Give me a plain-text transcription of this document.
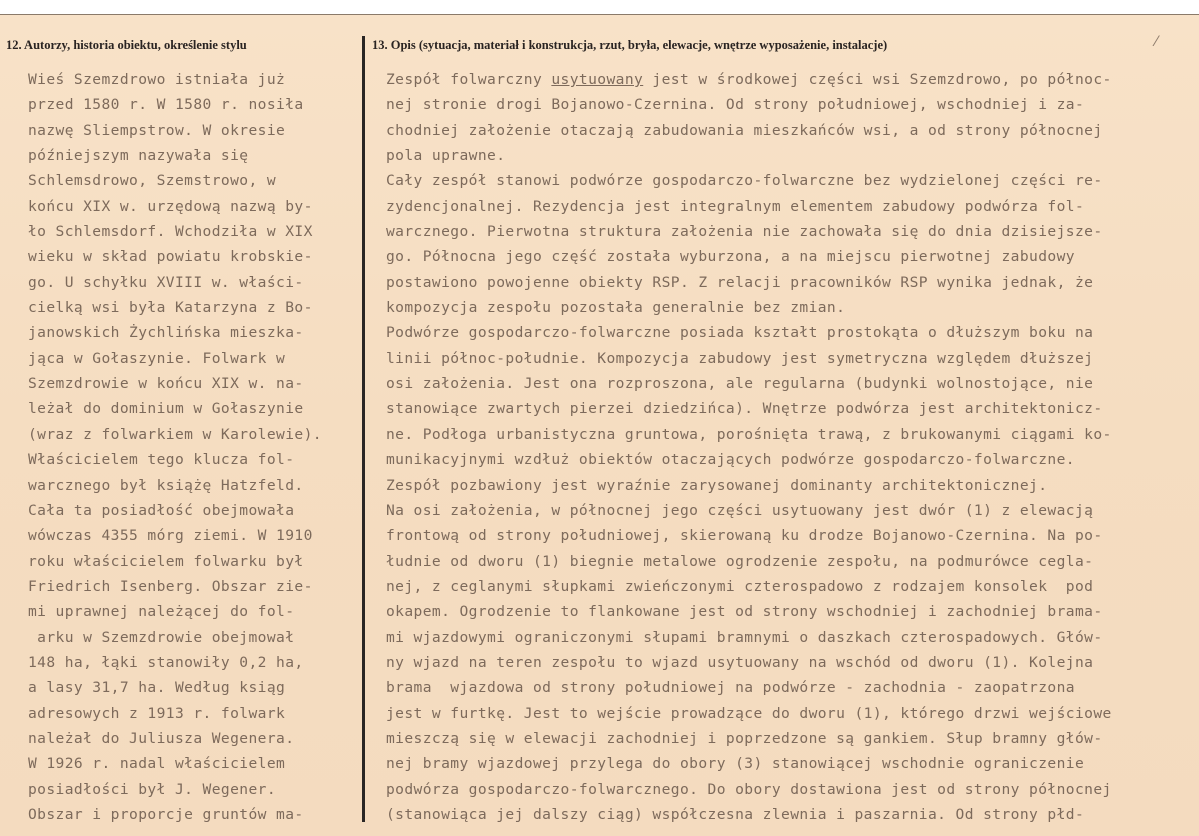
12. Autorzy, historia obiektu, określenie stylu	13. Opis (sytuacja, materiał i konstrukcja, rzut, bryła, elewacje, wnętrze wyposażenie, instalacje)	⁄
Wieś Szemzdrowo istniała już
przed 1580 r. W 1580 r. nosiła
nazwę Sliempstrow. W okresie
późniejszym nazywała się
Schlemsdrowo, Szemstrowo, w
końcu XIX w. urzędową nazwą by-
ło Schlemsdorf. Wchodziła w XIX
wieku w skład powiatu krobskie-
go. U schyłku XVIII w. właści-
cielką wsi była Katarzyna z Bo-
janowskich Żychlińska mieszka-
jąca w Gołaszynie. Folwark w
Szemzdrowie w końcu XIX w. na-
leżał do dominium w Gołaszynie
(wraz z folwarkiem w Karolewie).
Właścicielem tego klucza fol-
warcznego był książę Hatzfeld.
Cała ta posiadłość obejmowała
wówczas 4355 mórg ziemi. W 1910
roku właścicielem folwarku był
Friedrich Isenberg. Obszar zie-
mi uprawnej należącej do fol-
arku w Szemzdrowie obejmował
148 ha, łąki stanowiły 0,2 ha,
a lasy 31,7 ha. Według ksiąg
adresowych z 1913 r. folwark
należał do Juliusza Wegenera.
W 1926 r. nadal właścicielem
posiadłości był J. Wegener.
Obszar i proporcje gruntów ma-
Zespół folwarczny usytuowany jest w środkowej części wsi Szemzdrowo, po północ-
nej stronie drogi Bojanowo-Czernina. Od strony południowej, wschodniej i za-
chodniej założenie otaczają zabudowania mieszkańców wsi, a od strony północnej
pola uprawne.
Cały zespół stanowi podwórze gospodarczo-folwarczne bez wydzielonej części re-
zydencjonalnej. Rezydencja jest integralnym elementem zabudowy podwórza fol-
warcznego. Pierwotna struktura założenia nie zachowała się do dnia dzisiejsze-
go. Północna jego część została wyburzona, a na miejscu pierwotnej zabudowy
postawiono powojenne obiekty RSP. Z relacji pracowników RSP wynika jednak, że
kompozycja zespołu pozostała generalnie bez zmian.
Podwórze gospodarczo-folwarczne posiada kształt prostokąta o dłuższym boku na
linii północ-południe. Kompozycja zabudowy jest symetryczna względem dłuższej
osi założenia. Jest ona rozproszona, ale regularna (budynki wolnostojące, nie
stanowiące zwartych pierzei dziedzińca). Wnętrze podwórza jest architektonicz-
ne. Podłoga urbanistyczna gruntowa, porośnięta trawą, z brukowanymi ciągami ko-
munikacyjnymi wzdłuż obiektów otaczających podwórze gospodarczo-folwarczne.
Zespół pozbawiony jest wyraźnie zarysowanej dominanty architektonicznej.
Na osi założenia, w północnej jego części usytuowany jest dwór (1) z elewacją
frontową od strony południowej, skierowaną ku drodze Bojanowo-Czernina. Na po-
łudnie od dworu (1) biegnie metalowe ogrodzenie zespołu, na podmurówce cegla-
nej, z ceglanymi słupkami zwieńczonymi czterospadowo z rodzajem konsolek  pod
okapem. Ogrodzenie to flankowane jest od strony wschodniej i zachodniej brama-
mi wjazdowymi ograniczonymi słupami bramnymi o daszkach czterospadowych. Głów-
ny wjazd na teren zespołu to wjazd usytuowany na wschód od dworu (1). Kolejna
brama  wjazdowa od strony południowej na podwórze - zachodnia - zaopatrzona
jest w furtkę. Jest to wejście prowadzące do dworu (1), którego drzwi wejściowe
mieszczą się w elewacji zachodniej i poprzedzone są gankiem. Słup bramny głów-
nej bramy wjazdowej przylega do obory (3) stanowiącej wschodnie ograniczenie
podwórza gospodarczo-folwarcznego. Do obory dostawiona jest od strony północnej
(stanowiąca jej dalszy ciąg) współczesna zlewnia i paszarnia. Od strony płd-
